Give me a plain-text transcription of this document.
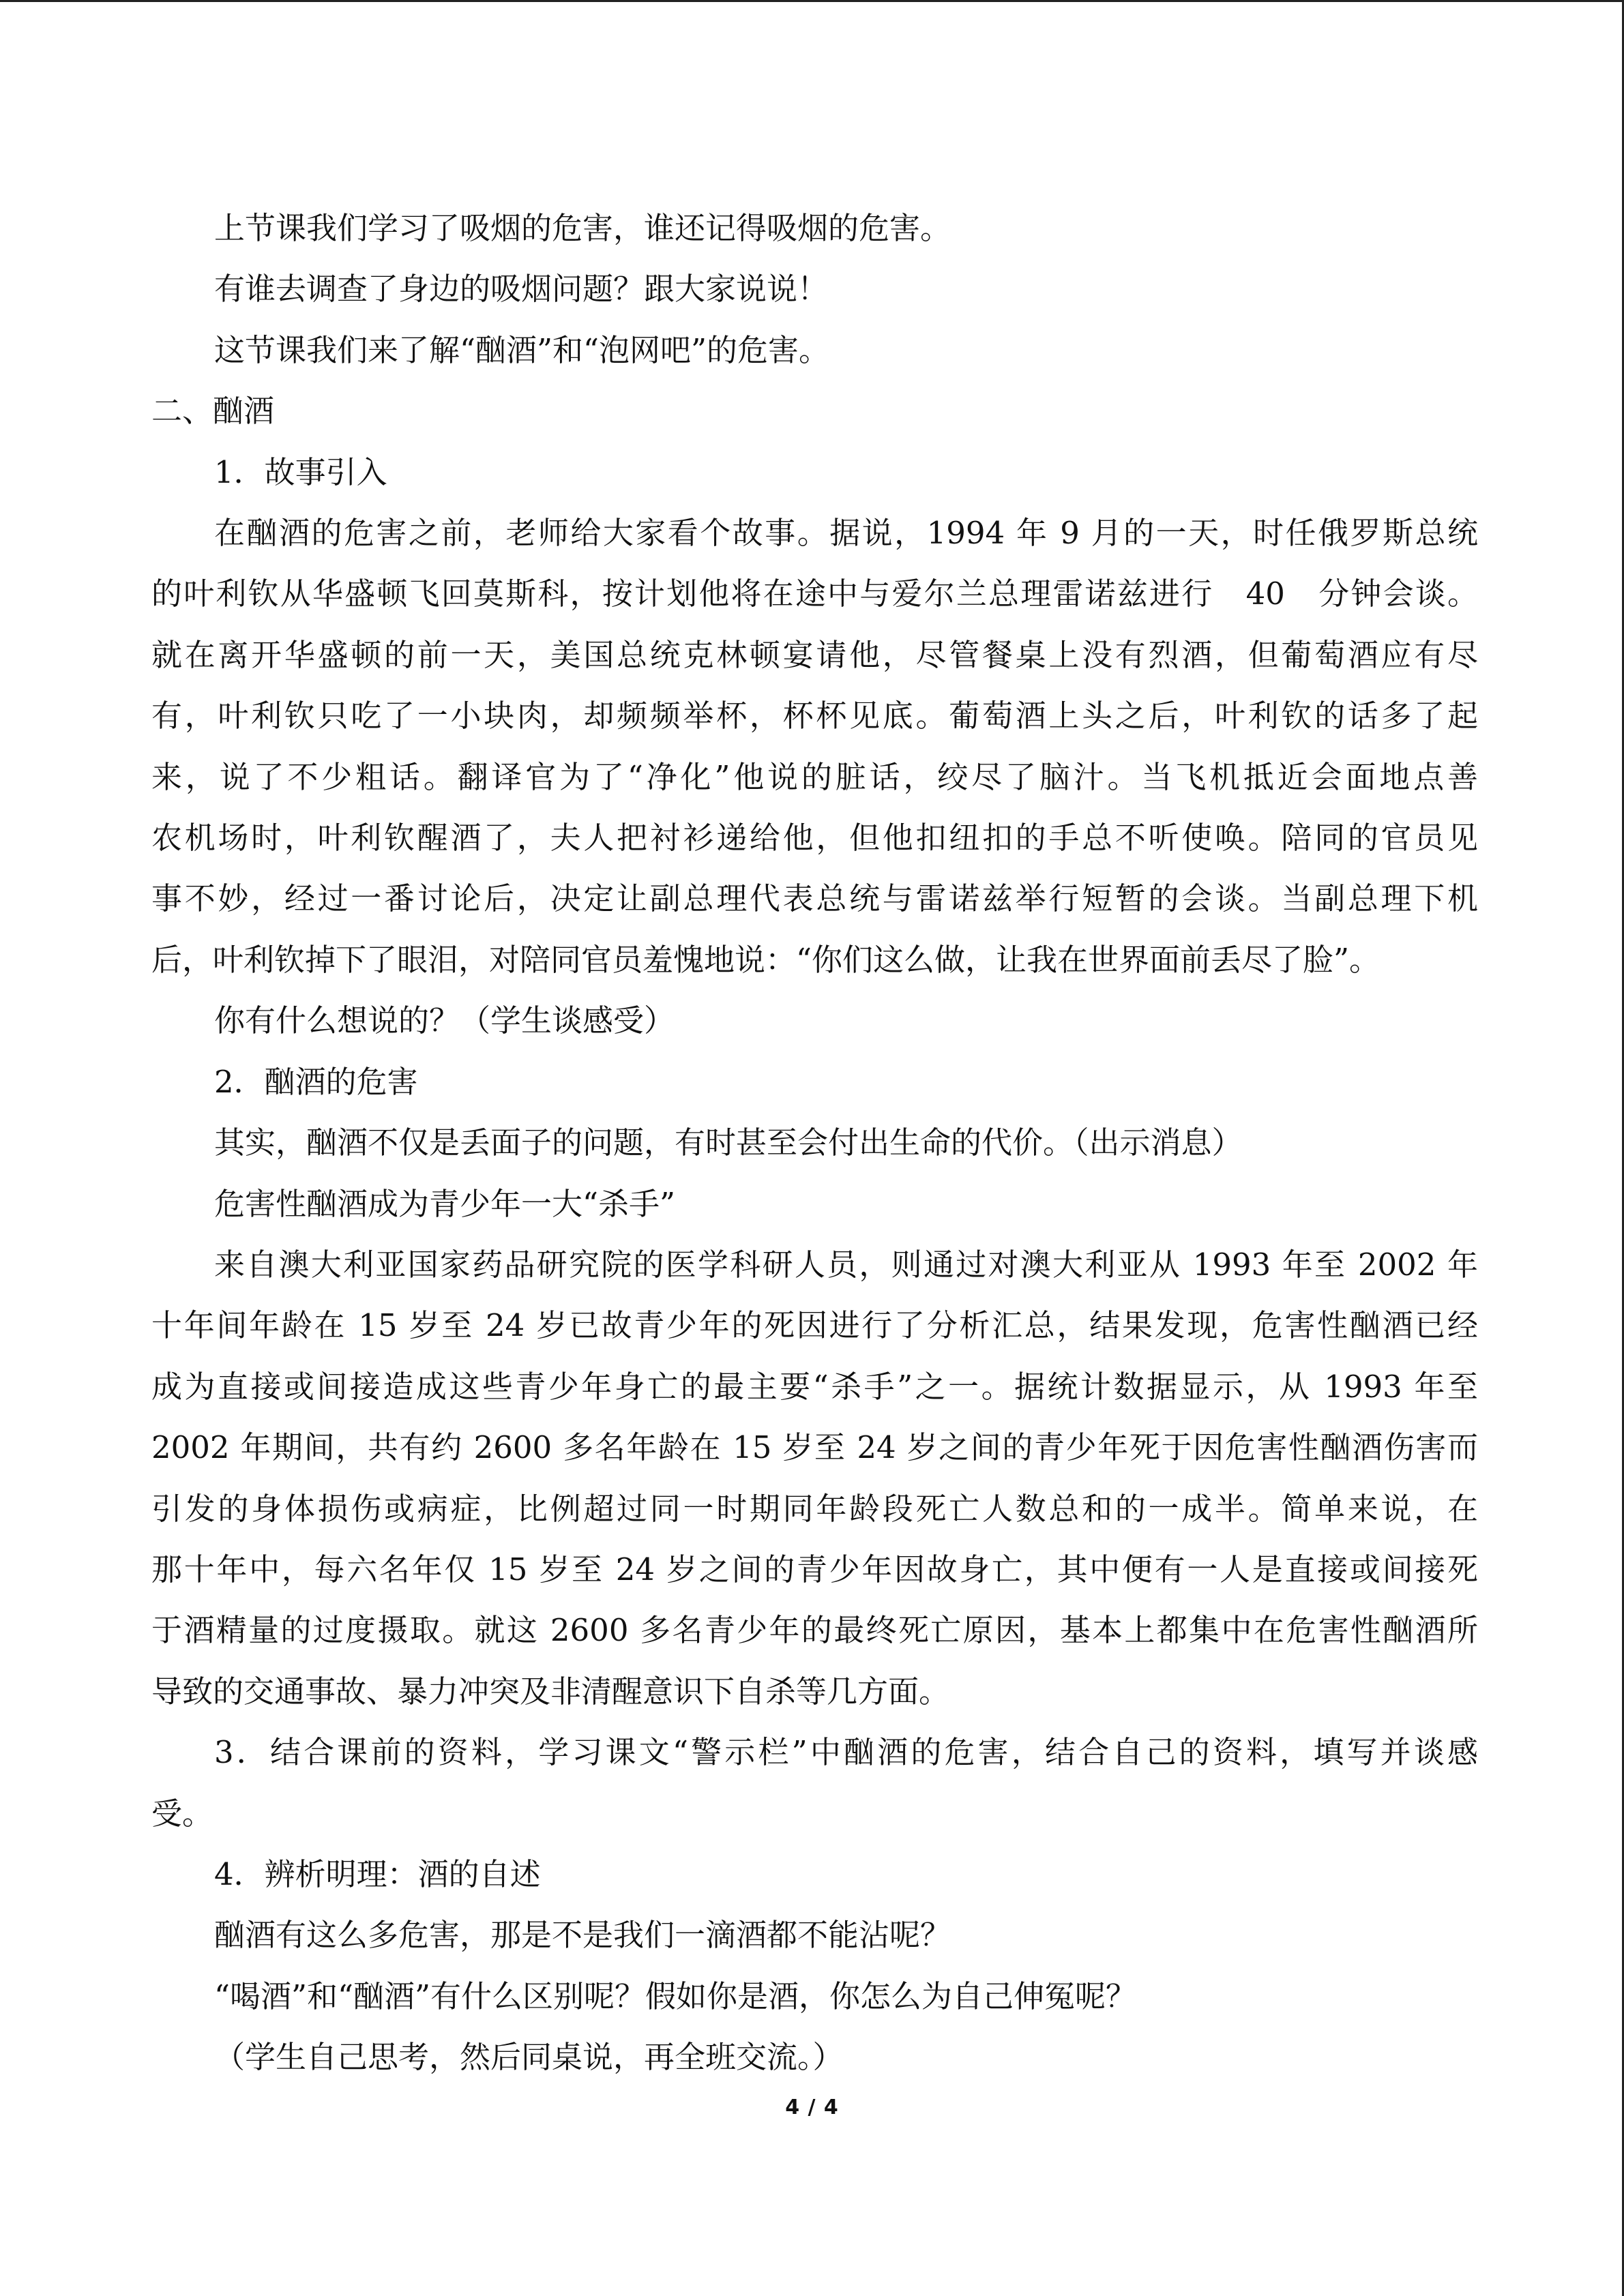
上节课我们学习了吸烟的危害，谁还记得吸烟的危害。

有谁去调查了身边的吸烟问题？跟大家说说！

这节课我们来了解“酗酒”和“泡网吧”的危害。

二、酗酒

1．故事引入

在酗酒的危害之前，老师给大家看个故事。据说，1994 年 9 月的一天，时任俄罗斯总统

的叶利钦从华盛顿飞回莫斯科，按计划他将在途中与爱尔兰总理雷诺兹进行　40　分钟会谈。

就在离开华盛顿的前一天，美国总统克林顿宴请他，尽管餐桌上没有烈酒，但葡萄酒应有尽

有，叶利钦只吃了一小块肉，却频频举杯，杯杯见底。葡萄酒上头之后，叶利钦的话多了起

来，说了不少粗话。翻译官为了“净化”他说的脏话，绞尽了脑汁。当飞机抵近会面地点善

农机场时，叶利钦醒酒了，夫人把衬衫递给他，但他扣纽扣的手总不听使唤。陪同的官员见

事不妙，经过一番讨论后，决定让副总理代表总统与雷诺兹举行短暂的会谈。当副总理下机

后，叶利钦掉下了眼泪，对陪同官员羞愧地说：“你们这么做，让我在世界面前丢尽了脸”。

你有什么想说的？（学生谈感受）

2．酗酒的危害

其实，酗酒不仅是丢面子的问题，有时甚至会付出生命的代价。（出示消息）

危害性酗酒成为青少年一大“杀手”

来自澳大利亚国家药品研究院的医学科研人员，则通过对澳大利亚从 1993 年至 2002 年

十年间年龄在 15 岁至 24 岁已故青少年的死因进行了分析汇总，结果发现，危害性酗酒已经

成为直接或间接造成这些青少年身亡的最主要“杀手”之一。据统计数据显示，从 1993 年至

2002 年期间，共有约 2600 多名年龄在 15 岁至 24 岁之间的青少年死于因危害性酗酒伤害而

引发的身体损伤或病症，比例超过同一时期同年龄段死亡人数总和的一成半。简单来说，在

那十年中，每六名年仅 15 岁至 24 岁之间的青少年因故身亡，其中便有一人是直接或间接死

于酒精量的过度摄取。就这 2600 多名青少年的最终死亡原因，基本上都集中在危害性酗酒所

导致的交通事故、暴力冲突及非清醒意识下自杀等几方面。

3．结合课前的资料，学习课文“警示栏”中酗酒的危害，结合自己的资料，填写并谈感

受。

4．辨析明理：酒的自述

酗酒有这么多危害，那是不是我们一滴酒都不能沾呢？

“喝酒”和“酗酒”有什么区别呢？假如你是酒，你怎么为自己伸冤呢？

（学生自己思考，然后同桌说，再全班交流。）

4 / 4
